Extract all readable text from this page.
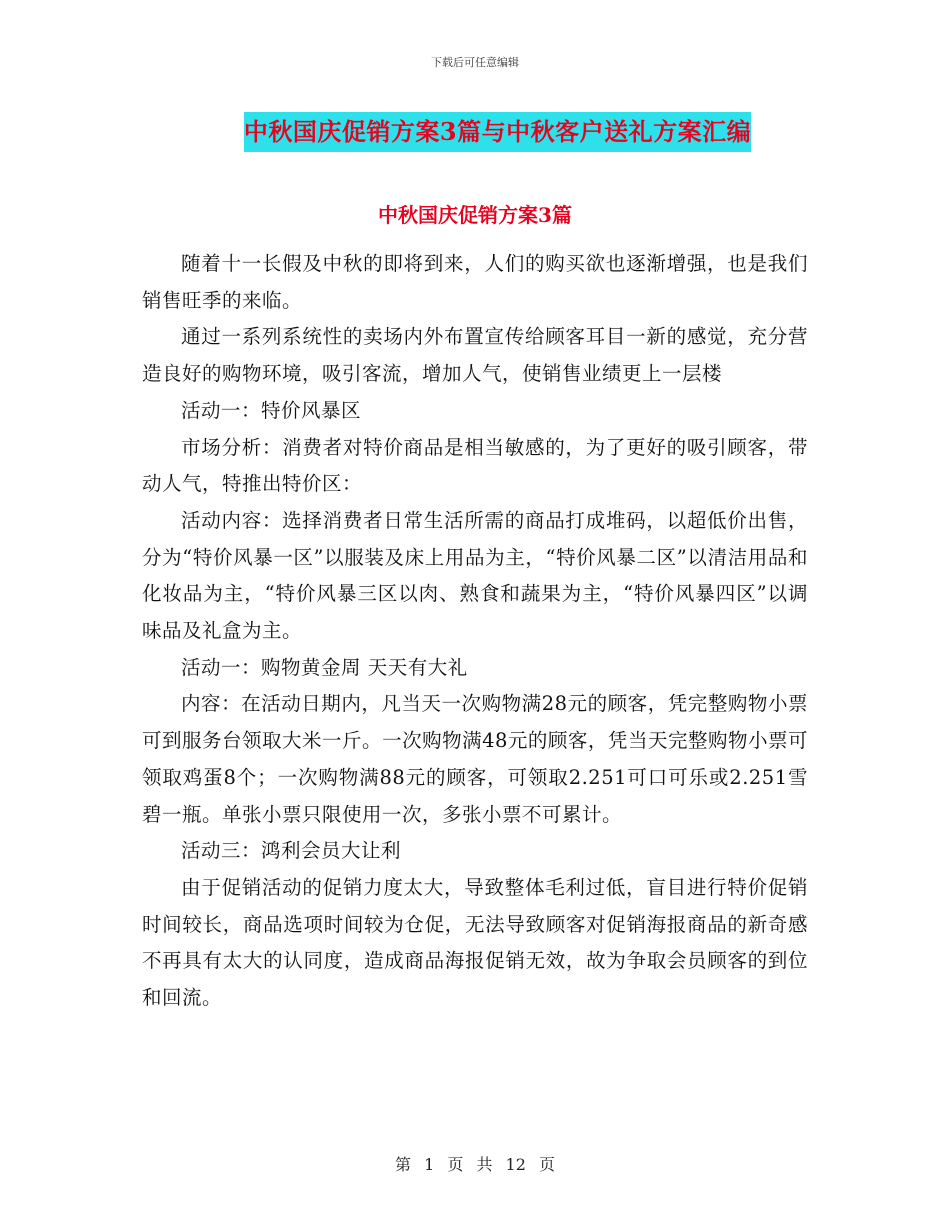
下载后可任意编辑
中秋国庆促销方案3篇与中秋客户送礼方案汇编
中秋国庆促销方案3篇

随着十一长假及中秋的即将到来，人们的购买欲也逐渐增强，也是我们销售旺季的来临。

通过一系列系统性的卖场内外布置宣传给顾客耳目一新的感觉，充分营造良好的购物环境，吸引客流，增加人气，使销售业绩更上一层楼

活动一：特价风暴区

市场分析：消费者对特价商品是相当敏感的，为了更好的吸引顾客，带动人气，特推出特价区：

活动内容：选择消费者日常生活所需的商品打成堆码，以超低价出售，分为“特价风暴一区”以服装及床上用品为主，“特价风暴二区”以清洁用品和化妆品为主，“特价风暴三区以肉、熟食和蔬果为主，“特价风暴四区”以调味品及礼盒为主。

活动一：购物黄金周 天天有大礼

内容：在活动日期内，凡当天一次购物满28元的顾客，凭完整购物小票可到服务台领取大米一斤。一次购物满48元的顾客，凭当天完整购物小票可领取鸡蛋8个；一次购物满88元的顾客，可领取2.251可口可乐或2.251雪碧一瓶。单张小票只限使用一次，多张小票不可累计。

活动三：鸿利会员大让利

由于促销活动的促销力度太大，导致整体毛利过低，盲目进行特价促销时间较长，商品选项时间较为仓促，无法导致顾客对促销海报商品的新奇感不再具有太大的认同度，造成商品海报促销无效，故为争取会员顾客的到位和回流。

第 1 页 共 12 页
